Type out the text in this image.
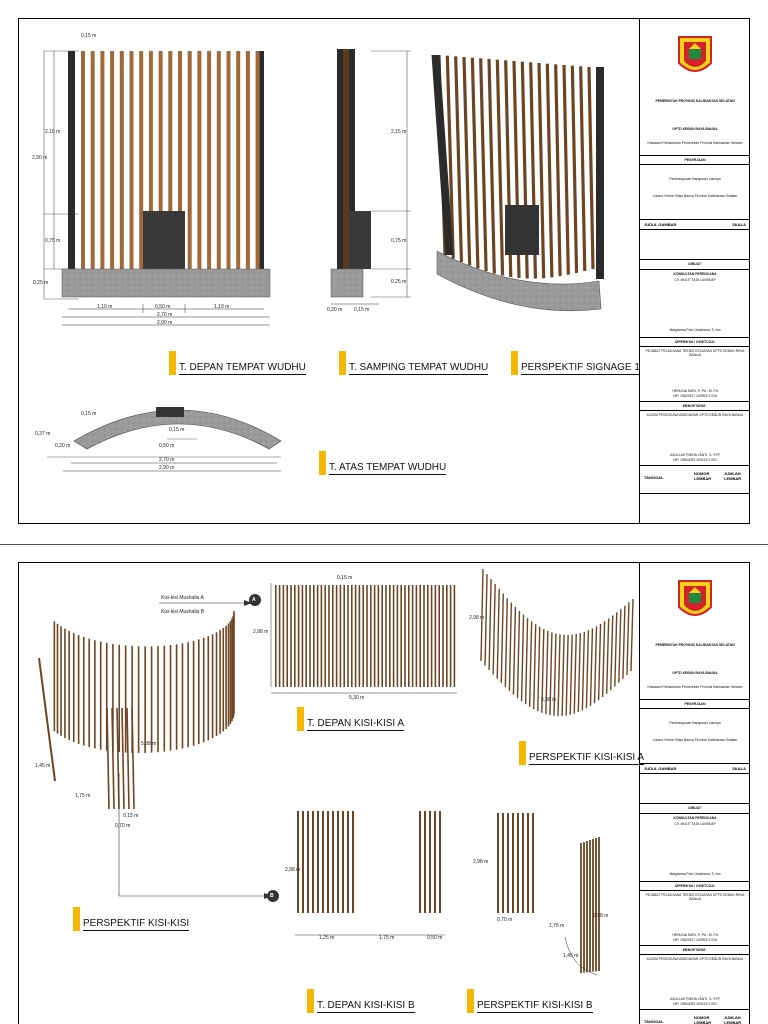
0,15 m
2,15 m
2,90 m
0,75 m
0,25 m
1,10 m	0,50 m	1,10 m
2,70 m
2,90 m
2,15 m
0,75 m
0,25 m
0,20 m 0,15 m
0,15 m
0,37 m
0,20 m
0,15 m
0,50 m
2,70 m
2,90 m
T. DEPAN TEMPAT WUDHU	T. SAMPING TEMPAT WUDHU	PERSPEKTIF SIGNAGE 1
T. ATAS TEMPAT WUDHU
PEMERINTAH PROVINSI KALIMANTAN SELATAN
UPTD KEBUN RAYA BANUA
Kawasan Perkantoran Pemerintah Provinsi Kalimantan Selatan
PEKERJAAN
Pembangunan Bangunan Lainnya
Lokasi: Kebun Raya Banua Provinsi Kalimantan Selatan
JUDUL GAMBAR	SKALA
DIBUAT:
KONSULTAN PERENCANA
CV. MULTI TATA LANSKAP
Margitama Putri Octaviana, S. Ars
DIPERIKSA / DISETUJUI:
PEJABAT PELAKSANA TEKNIS KEGIATAN UPTD KEBUN RAYA BANUA
HERLINA SARI, S. Pd., M. Pd
NIP. 19820517 200902 2 015
MENGETAHUI :
KUASA PENGGUNA ANGGARAN UPTD KEBUN RAYA BANUA
AZULLAH RIDHA YANTI, S. STP
NIP. 19804052 200103 2 001
TANGGAL
NOMOR LEMBAR
JUMLAH LEMBAR
Kisi-kisi Mushalla A
Kisi-kisi Mushalla B
A
B
0,15 m
2,98 m
5,30 m
2,98 m
5,38 m
5,38 m
1,45 m
1,75 m
0,15 m
0,70 m
2,98 m
1,25 m	1,75 m	0,50 m
2,98 m
0,70 m
1,75 m
2,98 m
1,45 m
T. DEPAN KISI-KISI A
PERSPEKTIF KISI-KISI A
PERSPEKTIF KISI-KISI
T. DEPAN KISI-KISI B	PERSPEKTIF KISI-KISI B
PEMERINTAH PROVINSI KALIMANTAN SELATAN
UPTD KEBUN RAYA BANUA
Kawasan Perkantoran Pemerintah Provinsi Kalimantan Selatan
PEKERJAAN
Pembangunan Bangunan Lainnya
Lokasi: Kebun Raya Banua Provinsi Kalimantan Selatan
JUDUL GAMBAR	SKALA
DIBUAT:
KONSULTAN PERENCANA
CV. MULTI TATA LANSKAP
Margitama Putri Octaviana, S. Ars
DIPERIKSA / DISETUJUI:
PEJABAT PELAKSANA TEKNIS KEGIATAN UPTD KEBUN RAYA BANUA
HERLINA SARI, S. Pd., M. Pd
NIP. 19820517 200902 2 015
MENGETAHUI :
KUASA PENGGUNA ANGGARAN UPTD KEBUN RAYA BANUA
AZULLAH RIDHA YANTI, S. STP
NIP. 19804052 200103 2 001
TANGGAL
NOMOR LEMBAR
JUMLAH LEMBAR
